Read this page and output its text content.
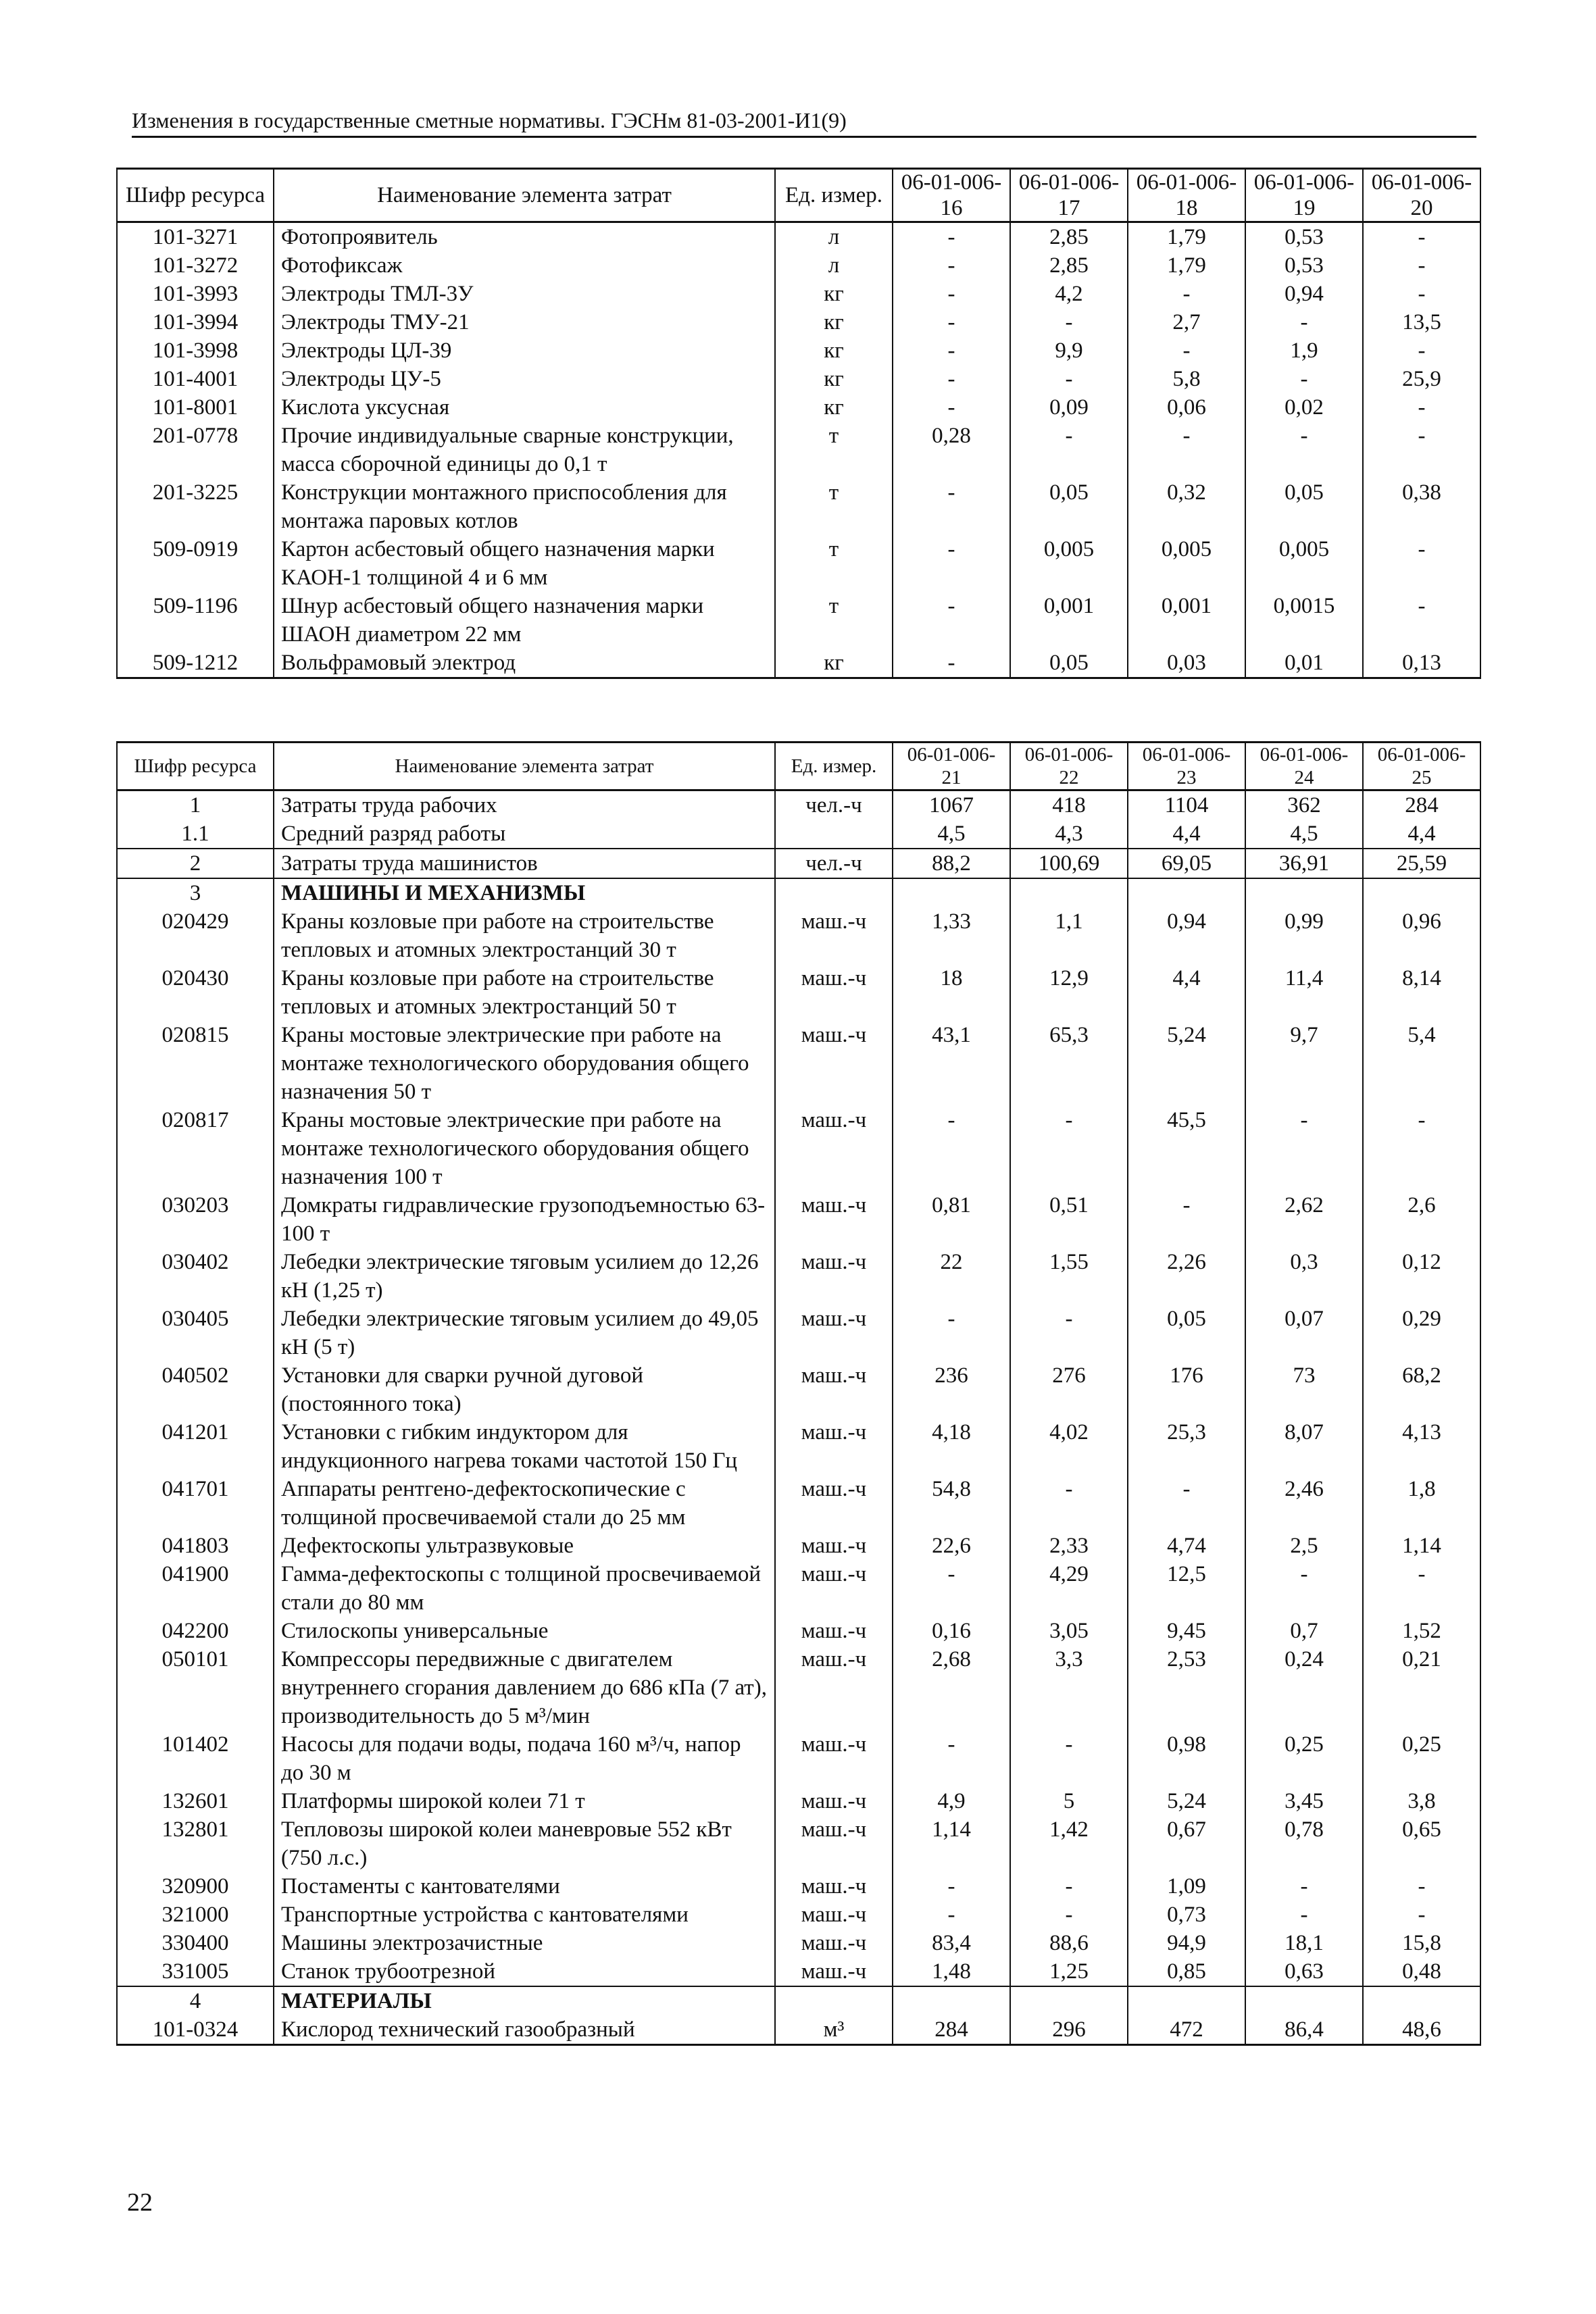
Изменения в государственные сметные нормативы. ГЭСНм 81-03-2001-И1(9)
Шифр ресурса	Наименование элемента затрат	Ед. измер.	06-01-006-16	06-01-006-17	06-01-006-18	06-01-006-19	06-01-006-20
101-3271	Фотопроявитель	л	-	2,85	1,79	0,53	-
101-3272	Фотофиксаж	л	-	2,85	1,79	0,53	-
101-3993	Электроды ТМЛ-3У	кг	-	4,2	-	0,94	-
101-3994	Электроды ТМУ-21	кг	-	-	2,7	-	13,5
101-3998	Электроды ЦЛ-39	кг	-	9,9	-	1,9	-
101-4001	Электроды ЦУ-5	кг	-	-	5,8	-	25,9
101-8001	Кислота уксусная	кг	-	0,09	0,06	0,02	-
201-0778	Прочие индивидуальные сварные конструкции, масса сборочной единицы до 0,1 т	т	0,28	-	-	-	-
201-3225	Конструкции монтажного приспособления для монтажа паровых котлов	т	-	0,05	0,32	0,05	0,38
509-0919	Картон асбестовый общего назначения марки КАОН-1 толщиной 4 и 6 мм	т	-	0,005	0,005	0,005	-
509-1196	Шнур асбестовый общего назначения марки ШАОН диаметром 22 мм	т	-	0,001	0,001	0,0015	-
509-1212	Вольфрамовый электрод	кг	-	0,05	0,03	0,01	0,13
Шифр ресурса	Наименование элемента затрат	Ед. измер.	06-01-006-21	06-01-006-22	06-01-006-23	06-01-006-24	06-01-006-25
1	Затраты труда рабочих	чел.-ч	1067	418	1104	362	284
1.1	Средний разряд работы		4,5	4,3	4,4	4,5	4,4
2	Затраты труда машинистов	чел.-ч	88,2	100,69	69,05	36,91	25,59
3	МАШИНЫ И МЕХАНИЗМЫ						
020429	Краны козловые при работе на строительстве тепловых и атомных электростанций 30 т	маш.-ч	1,33	1,1	0,94	0,99	0,96
020430	Краны козловые при работе на строительстве тепловых и атомных электростанций 50 т	маш.-ч	18	12,9	4,4	11,4	8,14
020815	Краны мостовые электрические при работе на монтаже технологического оборудования общего назначения 50 т	маш.-ч	43,1	65,3	5,24	9,7	5,4
020817	Краны мостовые электрические при работе на монтаже технологического оборудования общего назначения 100 т	маш.-ч	-	-	45,5	-	-
030203	Домкраты гидравлические грузоподъемностью 63-100 т	маш.-ч	0,81	0,51	-	2,62	2,6
030402	Лебедки электрические тяговым усилием до 12,26 кН (1,25 т)	маш.-ч	22	1,55	2,26	0,3	0,12
030405	Лебедки электрические тяговым усилием до 49,05 кН (5 т)	маш.-ч	-	-	0,05	0,07	0,29
040502	Установки для сварки ручной дуговой (постоянного тока)	маш.-ч	236	276	176	73	68,2
041201	Установки с гибким индуктором для индукционного нагрева токами частотой 150 Гц	маш.-ч	4,18	4,02	25,3	8,07	4,13
041701	Аппараты рентгено-дефектоскопические с толщиной просвечиваемой стали до 25 мм	маш.-ч	54,8	-	-	2,46	1,8
041803	Дефектоскопы ультразвуковые	маш.-ч	22,6	2,33	4,74	2,5	1,14
041900	Гамма-дефектоскопы с толщиной просвечиваемой стали до 80 мм	маш.-ч	-	4,29	12,5	-	-
042200	Стилоскопы универсальные	маш.-ч	0,16	3,05	9,45	0,7	1,52
050101	Компрессоры передвижные с двигателем внутреннего сгорания давлением до 686 кПа (7 ат), производительность до 5 м³/мин	маш.-ч	2,68	3,3	2,53	0,24	0,21
101402	Насосы для подачи воды, подача 160 м³/ч, напор до 30 м	маш.-ч	-	-	0,98	0,25	0,25
132601	Платформы широкой колеи 71 т	маш.-ч	4,9	5	5,24	3,45	3,8
132801	Тепловозы широкой колеи маневровые 552 кВт (750 л.с.)	маш.-ч	1,14	1,42	0,67	0,78	0,65
320900	Постаменты с кантователями	маш.-ч	-	-	1,09	-	-
321000	Транспортные устройства с кантователями	маш.-ч	-	-	0,73	-	-
330400	Машины электрозачистные	маш.-ч	83,4	88,6	94,9	18,1	15,8
331005	Станок трубоотрезной	маш.-ч	1,48	1,25	0,85	0,63	0,48
4	МАТЕРИАЛЫ						
101-0324	Кислород технический газообразный	м³	284	296	472	86,4	48,6
22
